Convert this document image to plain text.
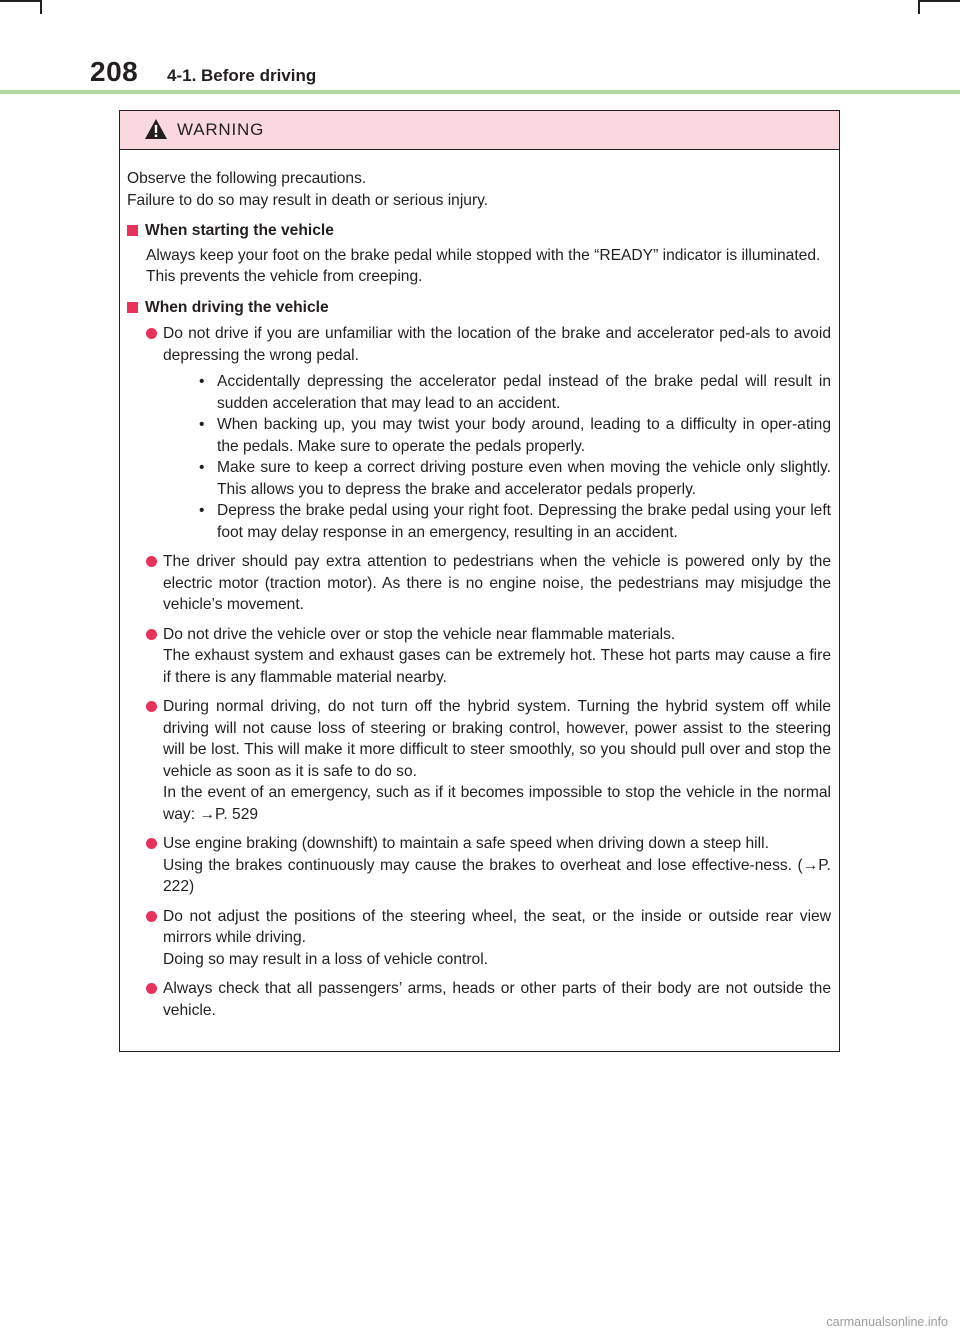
208 4-1. Before driving
WARNING

Observe the following precautions.

Failure to do so may result in death or serious injury.

When starting the vehicle
Always keep your foot on the brake pedal while stopped with the “READY” indicator is illuminated. This prevents the vehicle from creeping.
When driving the vehicle

Do not drive if you are unfamiliar with the location of the brake and accelerator ped-als to avoid depressing the wrong pedal.

• Accidentally depressing the accelerator pedal instead of the brake pedal will result in sudden acceleration that may lead to an accident.
• When backing up, you may twist your body around, leading to a difficulty in oper-ating the pedals. Make sure to operate the pedals properly.
• Make sure to keep a correct driving posture even when moving the vehicle only slightly. This allows you to depress the brake and accelerator pedals properly.
• Depress the brake pedal using your right foot. Depressing the brake pedal using your left foot may delay response in an emergency, resulting in an accident.

The driver should pay extra attention to pedestrians when the vehicle is powered only by the electric motor (traction motor). As there is no engine noise, the pedestrians may misjudge the vehicle’s movement.

Do not drive the vehicle over or stop the vehicle near flammable materials.

The exhaust system and exhaust gases can be extremely hot. These hot parts may cause a fire if there is any flammable material nearby.

During normal driving, do not turn off the hybrid system. Turning the hybrid system off while driving will not cause loss of steering or braking control, however, power assist to the steering will be lost. This will make it more difficult to steer smoothly, so you should pull over and stop the vehicle as soon as it is safe to do so.

In the event of an emergency, such as if it becomes impossible to stop the vehicle in the normal way: →P. 529

Use engine braking (downshift) to maintain a safe speed when driving down a steep hill.

Using the brakes continuously may cause the brakes to overheat and lose effective-ness. (→P. 222)

Do not adjust the positions of the steering wheel, the seat, or the inside or outside rear view mirrors while driving.

Doing so may result in a loss of vehicle control.

Always check that all passengers’ arms, heads or other parts of their body are not outside the vehicle.

carmanualsonline.info
